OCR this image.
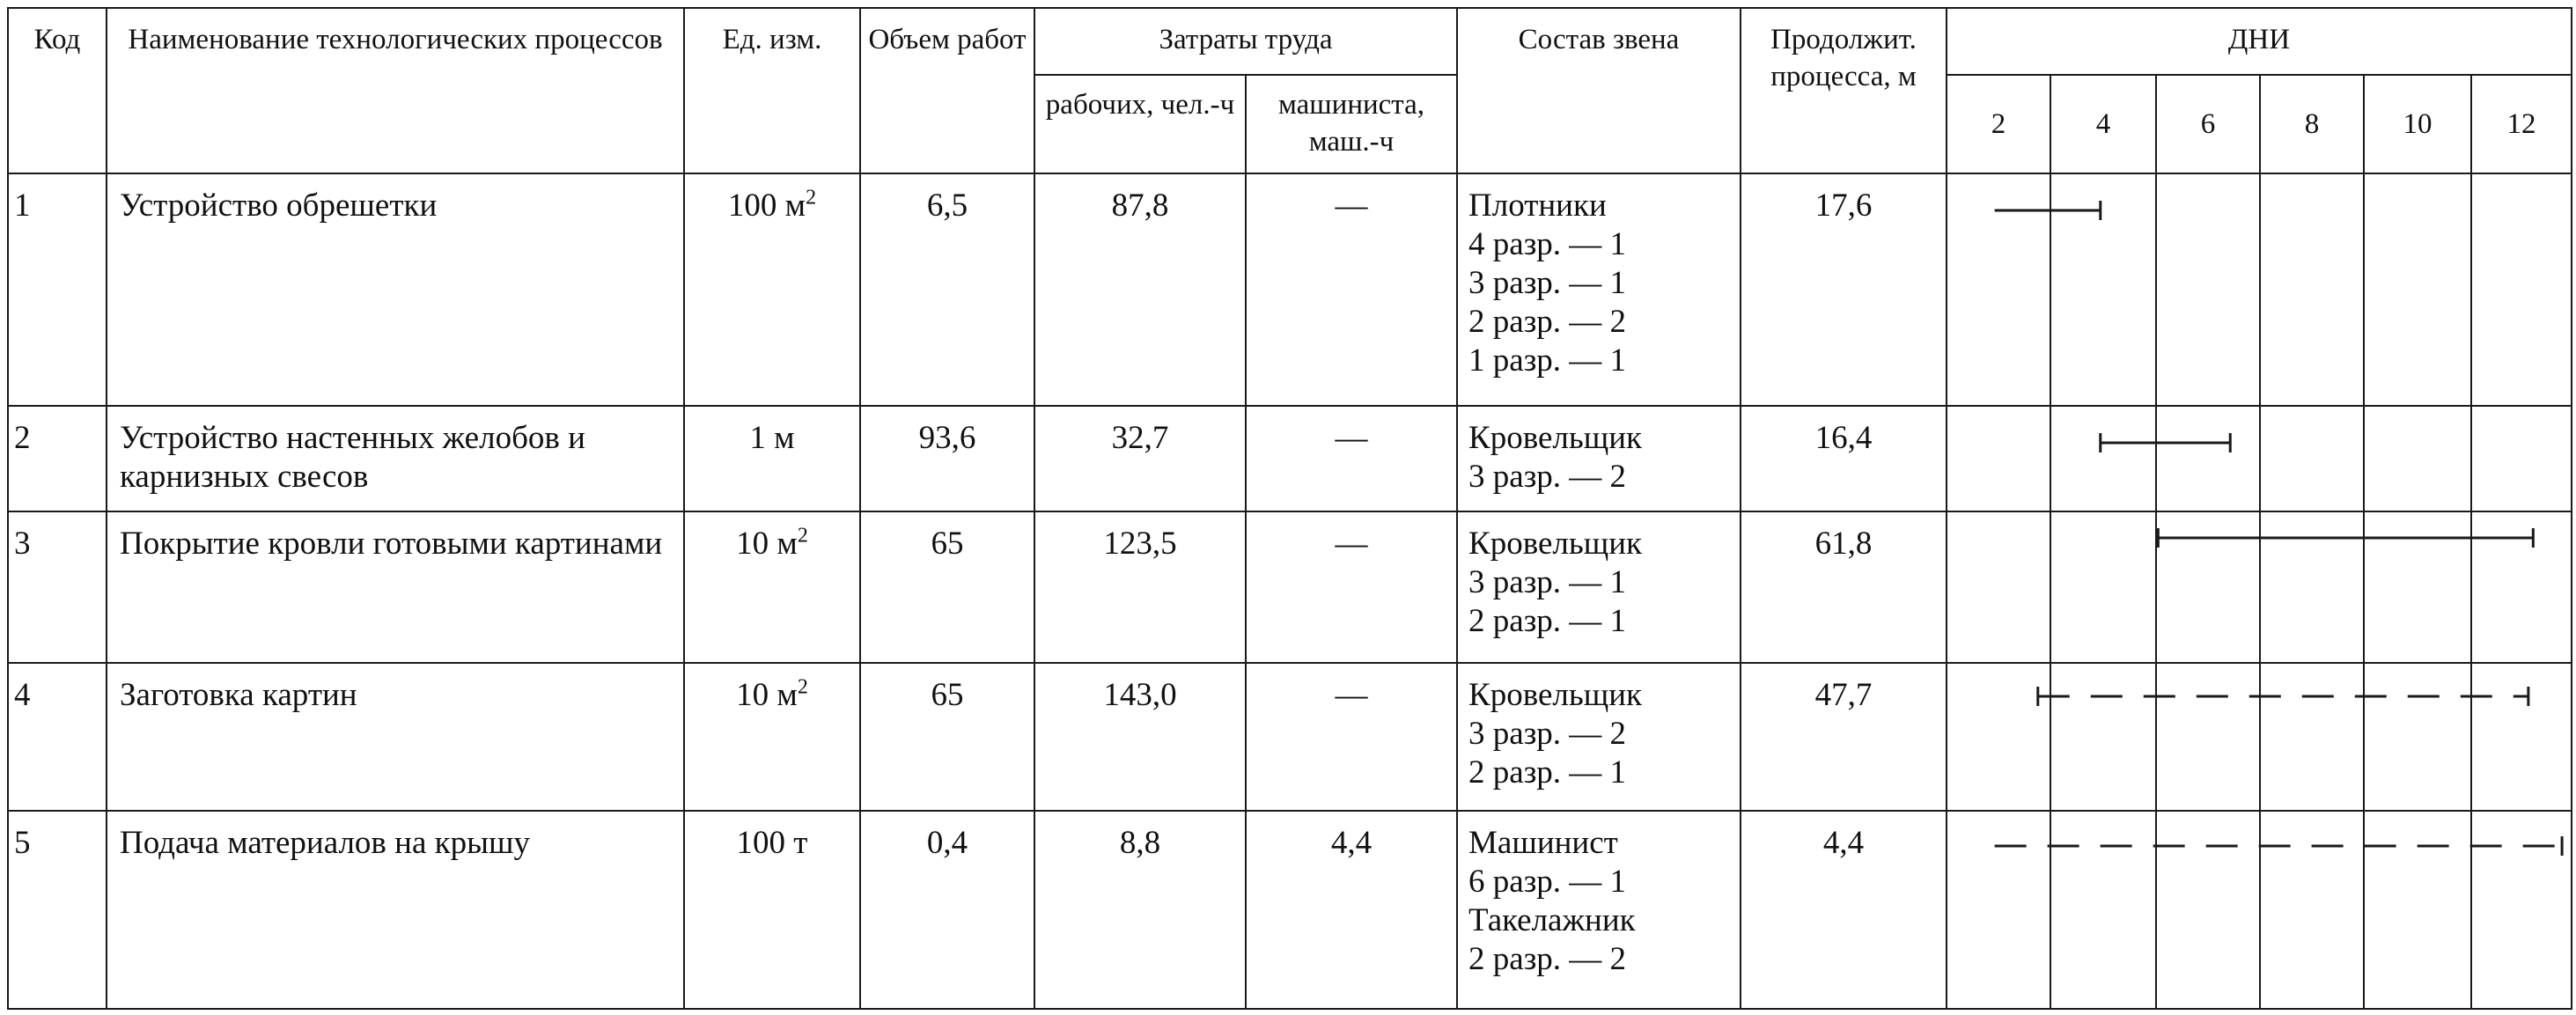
Код	Наименование технологических процессов	Ед. изм.	Объем работ	Затраты труда		Состав звена	Продолжит. процесса, м	ДНИ					
				рабочих, чел.-ч	машиниста, маш.-ч			2	4	6	8	10	12
1	Устройство обрешетки	100 $м^2$	6,5	87,8	—	Плотники
4 разр. — 1
3 разр. — 1
2 разр. — 2
1 разр. — 1	17,6						
2	Устройство настенных желобов и карнизных свесов	1 м	93,6	32,7	—	Кровельщик
3 разр. — 2	16,4						
3	Покрытие кровли готовыми картинами	10 $м^2$	65	123,5	—	Кровельщик
3 разр. — 1
2 разр. — 1	61,8						
4	Заготовка картин	10 $м^2$	65	143,0	—	Кровельщик
3 разр. — 2
2 разр. — 1	47,7						
5	Подача материалов на крышу	100 т	0,4	8,8	4,4	Машинист
6 разр. — 1
Такелажник
2 разр. — 2	4,4						
